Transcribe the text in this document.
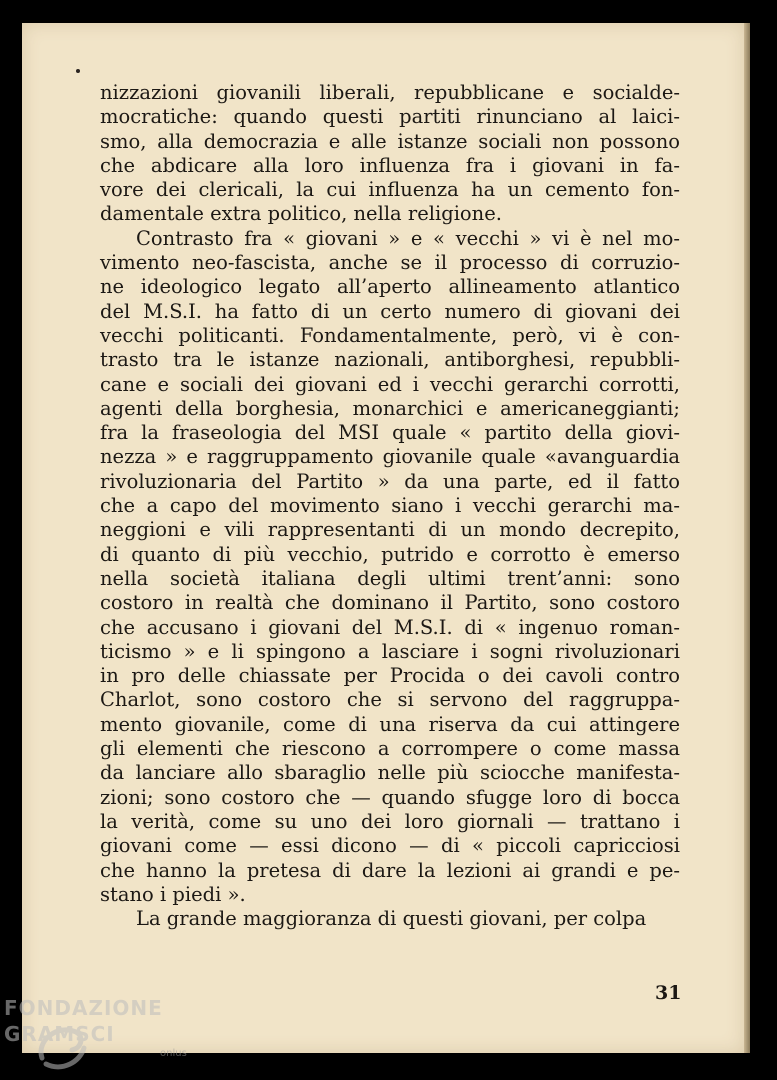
nizzazioni giovanili liberali, repubblicane e socialde-
mocratiche: quando questi partiti rinunciano al laici-
smo, alla democrazia e alle istanze sociali non possono
che abdicare alla loro influenza fra i giovani in fa-
vore dei clericali, la cui influenza ha un cemento fon-
damentale extra politico, nella religione.
Contrasto fra « giovani » e « vecchi » vi è nel mo-
vimento neo-fascista, anche se il processo di corruzio-
ne ideologico legato all’aperto allineamento atlantico
del M.S.I. ha fatto di un certo numero di giovani dei
vecchi politicanti. Fondamentalmente, però, vi è con-
trasto tra le istanze nazionali, antiborghesi, repubbli-
cane e sociali dei giovani ed i vecchi gerarchi corrotti,
agenti della borghesia, monarchici e americaneggianti;
fra la fraseologia del MSI quale « partito della giovi-
nezza » e raggruppamento giovanile quale «avanguardia
rivoluzionaria del Partito » da una parte, ed il fatto
che a capo del movimento siano i vecchi gerarchi ma-
neggioni e vili rappresentanti di un mondo decrepito,
di quanto di più vecchio, putrido e corrotto è emerso
nella società italiana degli ultimi trent’anni: sono
costoro in realtà che dominano il Partito, sono costoro
che accusano i giovani del M.S.I. di « ingenuo roman-
ticismo » e li spingono a lasciare i sogni rivoluzionari
in pro delle chiassate per Procida o dei cavoli contro
Charlot, sono costoro che si servono del raggruppa-
mento giovanile, come di una riserva da cui attingere
gli elementi che riescono a corrompere o come massa
da lanciare allo sbaraglio nelle più sciocche manifesta-
zioni; sono costoro che — quando sfugge loro di bocca
la verità, come su uno dei loro giornali — trattano i
giovani come — essi dicono — di « piccoli capricciosi
che hanno la pretesa di dare la lezioni ai grandi e pe-
stano i piedi ».
La grande maggioranza di questi giovani, per colpa
31
FONDAZIONE
GRAMSCI
onlus
